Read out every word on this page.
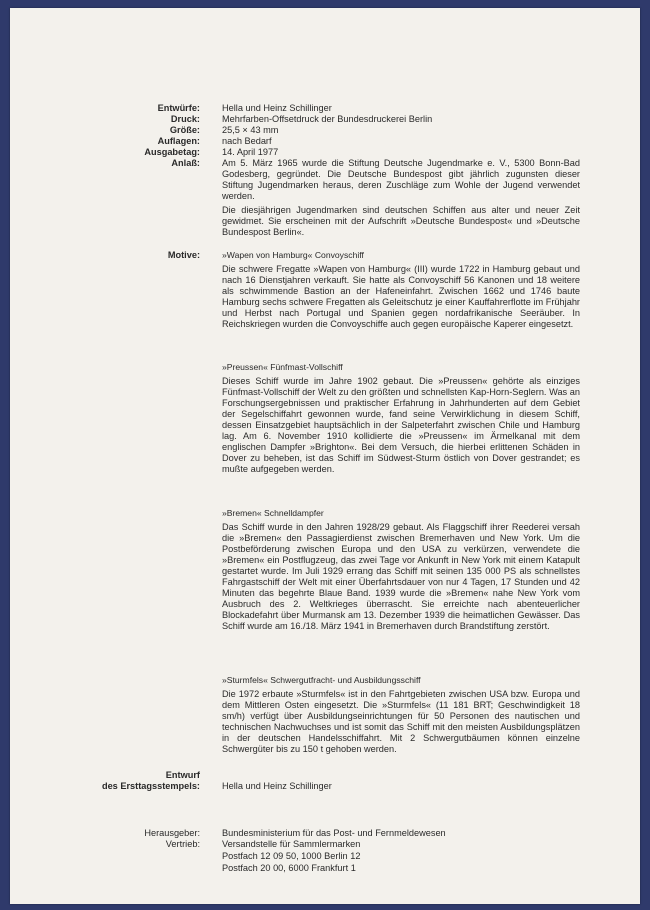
Entwürfe: Hella und Heinz Schillinger
Druck: Mehrfarben-Offsetdruck der Bundesdruckerei Berlin
Größe: 25,5 × 43 mm
Auflagen: nach Bedarf
Ausgabetag: 14. April 1977
Anlaß: Am 5. März 1965 wurde die Stiftung Deutsche Jugendmarke e. V., 5300 Bonn-Bad Godesberg, gegründet. Die Deutsche Bundespost gibt jährlich zugunsten dieser Stiftung Jugendmarken heraus, deren Zuschläge zum Wohle der Jugend verwendet werden.
Die diesjährigen Jugendmarken sind deutschen Schiffen aus alter und neuer Zeit gewidmet. Sie erscheinen mit der Aufschrift »Deutsche Bundespost« und »Deutsche Bundespost Berlin«.
Motive:	»Wapen von Hamburg« Convoyschiff
Die schwere Fregatte »Wapen von Hamburg« (III) wurde 1722 in Hamburg gebaut und nach 16 Dienstjahren verkauft. Sie hatte als Convoyschiff 56 Kanonen und 18 weitere als schwimmende Bastion an der Hafeneinfahrt. Zwischen 1662 und 1746 baute Hamburg sechs schwere Fregatten als Geleitschutz je einer Kauffahrerflotte im Frühjahr und Herbst nach Portugal und Spanien gegen nordafrikanische Seeräuber. In Reichskriegen wurden die Convoyschiffe auch gegen europäische Kaperer eingesetzt.
»Preussen« Fünfmast-Vollschiff
Dieses Schiff wurde im Jahre 1902 gebaut. Die »Preussen« gehörte als einziges Fünfmast-Vollschiff der Welt zu den größten und schnellsten Kap-Horn-Seglern. Was an Forschungsergebnissen und praktischer Erfahrung in Jahrhunderten auf dem Gebiet der Segelschiffahrt gewonnen wurde, fand seine Verwirklichung in diesem Schiff, dessen Einsatzgebiet hauptsächlich in der Salpeterfahrt zwischen Chile und Hamburg lag. Am 6. November 1910 kollidierte die »Preussen« im Ärmelkanal mit dem englischen Dampfer »Brighton«. Bei dem Versuch, die hierbei erlittenen Schäden in Dover zu beheben, ist das Schiff im Südwest-Sturm östlich von Dover gestrandet; es mußte aufgegeben werden.
»Bremen« Schnelldampfer
Das Schiff wurde in den Jahren 1928/29 gebaut. Als Flaggschiff ihrer Reederei versah die »Bremen« den Passagierdienst zwischen Bremerhaven und New York. Um die Postbeförderung zwischen Europa und den USA zu verkürzen, verwendete die »Bremen« ein Postflugzeug, das zwei Tage vor Ankunft in New York mit einem Katapult gestartet wurde. Im Juli 1929 errang das Schiff mit seinen 135 000 PS als schnellstes Fahrgastschiff der Welt mit einer Überfahrtsdauer von nur 4 Tagen, 17 Stunden und 42 Minuten das begehrte Blaue Band. 1939 wurde die »Bremen« nahe New York vom Ausbruch des 2. Weltkrieges überrascht. Sie erreichte nach abenteuerlicher Blockadefahrt über Murmansk am 13. Dezember 1939 die heimatlichen Gewässer. Das Schiff wurde am 16./18. März 1941 in Bremerhaven durch Brandstiftung zerstört.
»Sturmfels« Schwergutfracht- und Ausbildungsschiff
Die 1972 erbaute »Sturmfels« ist in den Fahrtgebieten zwischen USA bzw. Europa und dem Mittleren Osten eingesetzt. Die »Sturmfels« (11 181 BRT; Geschwindigkeit 18 sm/h) verfügt über Ausbildungseinrichtungen für 50 Personen des nautischen und technischen Nachwuchses und ist somit das Schiff mit den meisten Ausbildungsplätzen in der deutschen Handelsschiffahrt. Mit 2 Schwergutbäumen können einzelne Schwergüter bis zu 150 t gehoben werden.
Entwurf
des Ersttagsstempels: Hella und Heinz Schillinger
Herausgeber: Bundesministerium für das Post- und Fernmeldewesen
Vertrieb: Versandstelle für Sammlermarken
Postfach 12 09 50, 1000 Berlin 12
Postfach 20 00, 6000 Frankfurt 1
